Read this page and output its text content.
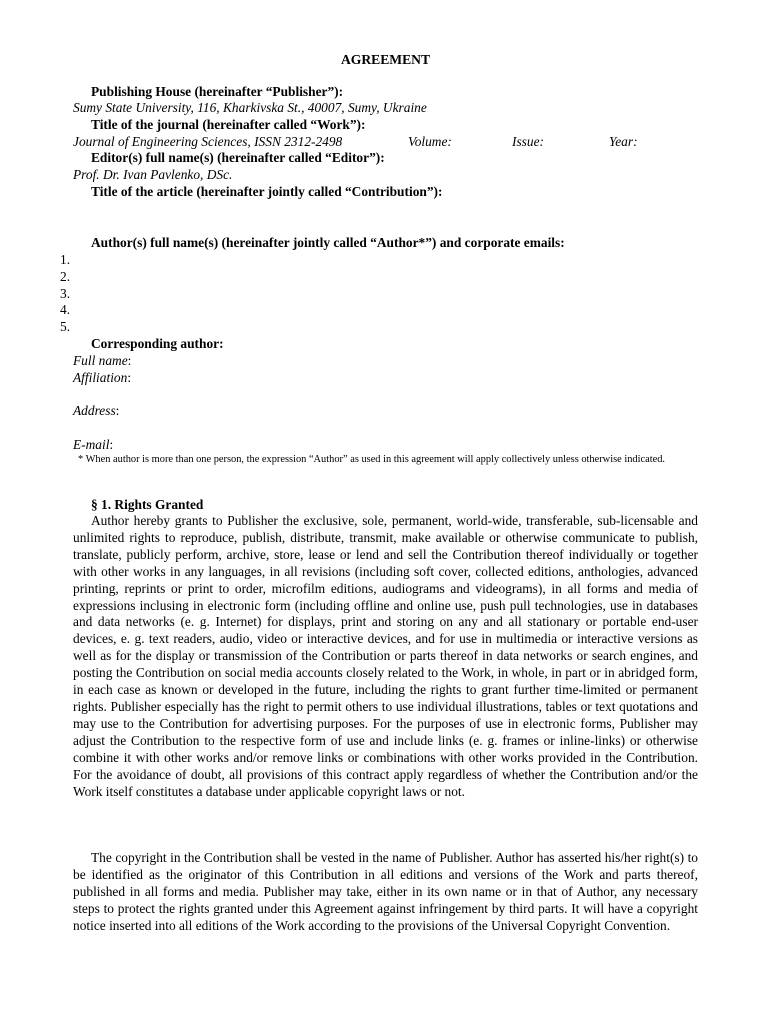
AGREEMENT
Publishing House (hereinafter “Publisher”):
Sumy State University, 116, Kharkivska St., 40007, Sumy, Ukraine
Title of the journal (hereinafter called “Work”):
Journal of Engineering Sciences, ISSN 2312-2498	Volume:	Issue:	Year:
Editor(s) full name(s) (hereinafter called “Editor”):
Prof. Dr. Ivan Pavlenko, DSc.
Title of the article (hereinafter jointly called “Contribution”):
Author(s) full name(s) (hereinafter jointly called “Author*”) and corporate emails:
1.
2.
3.
4.
5.
Corresponding author:
Full name:
Affiliation:
Address:
E-mail:
* When author is more than one person, the expression “Author” as used in this agreement will apply collectively unless otherwise indicated.
§ 1. Rights Granted
Author hereby grants to Publisher the exclusive, sole, permanent, world-wide, transferable, sub-licensable and unlimited rights to reproduce, publish, distribute, transmit, make available or otherwise communicate to publish, translate, publicly perform, archive, store, lease or lend and sell the Contribution thereof individually or together with other works in any languages, in all revisions (including soft cover, collected editions, anthologies, advanced printing, reprints or print to order, microfilm editions, audiograms and videograms), in all forms and media of expressions inclusing in electronic form (including offline and online use, push pull technologies, use in databases and data networks (e. g. Internet) for displays, print and storing on any and all stationary or portable end-user devices, e. g. text readers, audio, video or interactive devices, and for use in multimedia or interactive versions as well as for the display or transmission of the Contribution or parts thereof in data networks or search engines, and posting the Contribution on social media accounts closely related to the Work, in whole, in part or in abridged form, in each case as known or developed in the future, including the rights to grant further time-limited or permanent rights. Publisher especially has the right to permit others to use individual illustrations, tables or text quotations and may use to the Contribution for advertising purposes. For the purposes of use in electronic forms, Publisher may adjust the Contribution to the respective form of use and include links (e. g. frames or inline-links) or otherwise combine it with other works and/or remove links or combinations with other works provided in the Contribution. For the avoidance of doubt, all provisions of this contract apply regardless of whether the Contribution and/or the Work itself constitutes a database under applicable copyright laws or not.
The copyright in the Contribution shall be vested in the name of Publisher. Author has asserted his/her right(s) to be identified as the originator of this Contribution in all editions and versions of the Work and parts thereof, published in all forms and media. Publisher may take, either in its own name or in that of Author, any necessary steps to protect the rights granted under this Agreement against infringement by third parts. It will have a copyright notice inserted into all editions of the Work according to the provisions of the Universal Copyright Convention.
